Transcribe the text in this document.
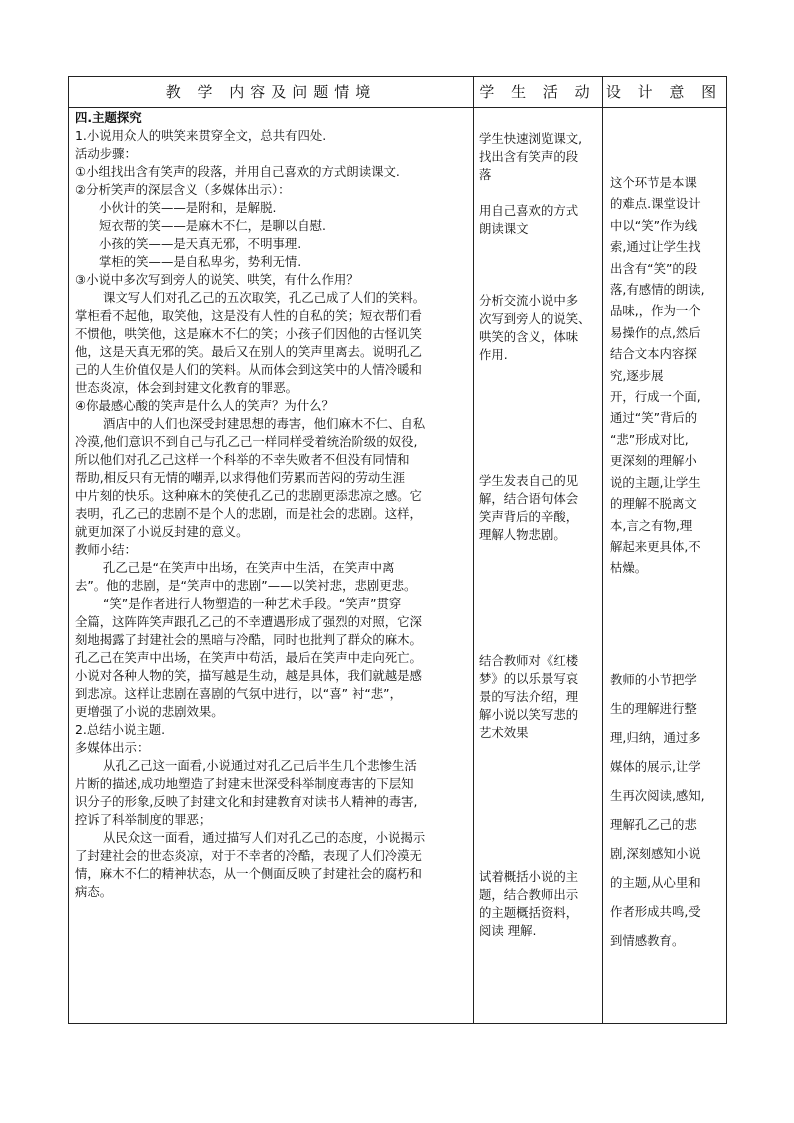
教 学 内容及问题情境	学 生 活 动 设 计 意 图
四.主题探究
1.小说用众人的哄笑来贯穿全文，总共有四处.
活动步骤：
①小组找出含有笑声的段落，并用自己喜欢的方式朗读课文.
②分析笑声的深层含义（多媒体出示）：
小伙计的笑——是附和，是解脱.
短衣帮的笑——是麻木不仁，是聊以自慰.
小孩的笑——是天真无邪，不明事理.
掌柜的笑——是自私卑劣，势利无情.
③小说中多次写到旁人的说笑、哄笑，有什么作用？
课文写人们对孔乙己的五次取笑，孔乙己成了人们的笑料。
掌柜看不起他，取笑他，这是没有人性的自私的笑；短衣帮们看
不惯他，哄笑他，这是麻木不仁的笑；小孩子们因他的古怪讥笑
他，这是天真无邪的笑。最后又在别人的笑声里离去。说明孔乙
己的人生价值仅是人们的笑料。从而体会到这笑中的人情冷暖和
世态炎凉，体会到封建文化教育的罪恶。
④你最感心酸的笑声是什么人的笑声？为什么？
酒店中的人们也深受封建思想的毒害，他们麻木不仁、自私
冷漠,他们意识不到自己与孔乙己一样同样受着统治阶级的奴役,
所以他们对孔乙己这样一个科举的不幸失败者不但没有同情和
帮助,相反只有无情的嘲弄,以求得他们劳累而苦闷的劳动生涯
中片刻的快乐。这种麻木的笑使孔乙己的悲剧更添悲凉之感。它
表明，孔乙己的悲剧不是个人的悲剧，而是社会的悲剧。这样，
就更加深了小说反封建的意义。
教师小结：
孔乙己是“在笑声中出场，在笑声中生活，在笑声中离
去”。他的悲剧，是“笑声中的悲剧”——以笑衬悲，悲剧更悲。
“笑”是作者进行人物塑造的一种艺术手段。“笑声”贯穿
全篇，这阵阵笑声跟孔乙己的不幸遭遇形成了强烈的对照，它深
刻地揭露了封建社会的黑暗与冷酷，同时也批判了群众的麻木。
孔乙己在笑声中出场，在笑声中苟活，最后在笑声中走向死亡。
小说对各种人物的笑，描写越是生动，越是具体，我们就越是感
到悲凉。这样让悲剧在喜剧的气氛中进行，以“喜” 衬“悲”，
更增强了小说的悲剧效果。
2.总结小说主题.
多媒体出示：
从孔乙己这一面看,小说通过对孔乙己后半生几个悲惨生活
片断的描述,成功地塑造了封建末世深受科举制度毒害的下层知
识分子的形象,反映了封建文化和封建教育对读书人精神的毒害,
控诉了科举制度的罪恶；
从民众这一面看，通过描写人们对孔乙己的态度，小说揭示
了封建社会的世态炎凉，对于不幸者的冷酷，表现了人们冷漠无
情，麻木不仁的精神状态，从一个侧面反映了封建社会的腐朽和
病态。
学生快速浏览课文,
找出含有笑声的段
落
用自己喜欢的方式
朗读课文
分析交流小说中多
次写到旁人的说笑、
哄笑的含义，体味
作用.
学生发表自己的见
解，结合语句体会
笑声背后的辛酸，
理解人物悲剧。
结合教师对《红楼
梦》的以乐景写哀
景的写法介绍，理
解小说以笑写悲的
艺术效果
试着概括小说的主
题，结合教师出示
的主题概括资料，
阅读 理解.
这个环节是本课
的难点.课堂设计
中以“笑”作为线
索,通过让学生找
出含有“笑”的段
落,有感情的朗读,
品味,，作为一个
易操作的点,然后
结合文本内容探
究,逐步展
开，行成一个面,
通过“笑”背后的
“悲”形成对比,
更深刻的理解小
说的主题,让学生
的理解不脱离文
本,言之有物,理
解起来更具体,不
枯燥。
教师的小节把学
生的理解进行整
理,归纳，通过多
媒体的展示,让学
生再次阅读,感知,
理解孔乙己的悲
剧,深刻感知小说
的主题,从心里和
作者形成共鸣,受
到情感教育。
